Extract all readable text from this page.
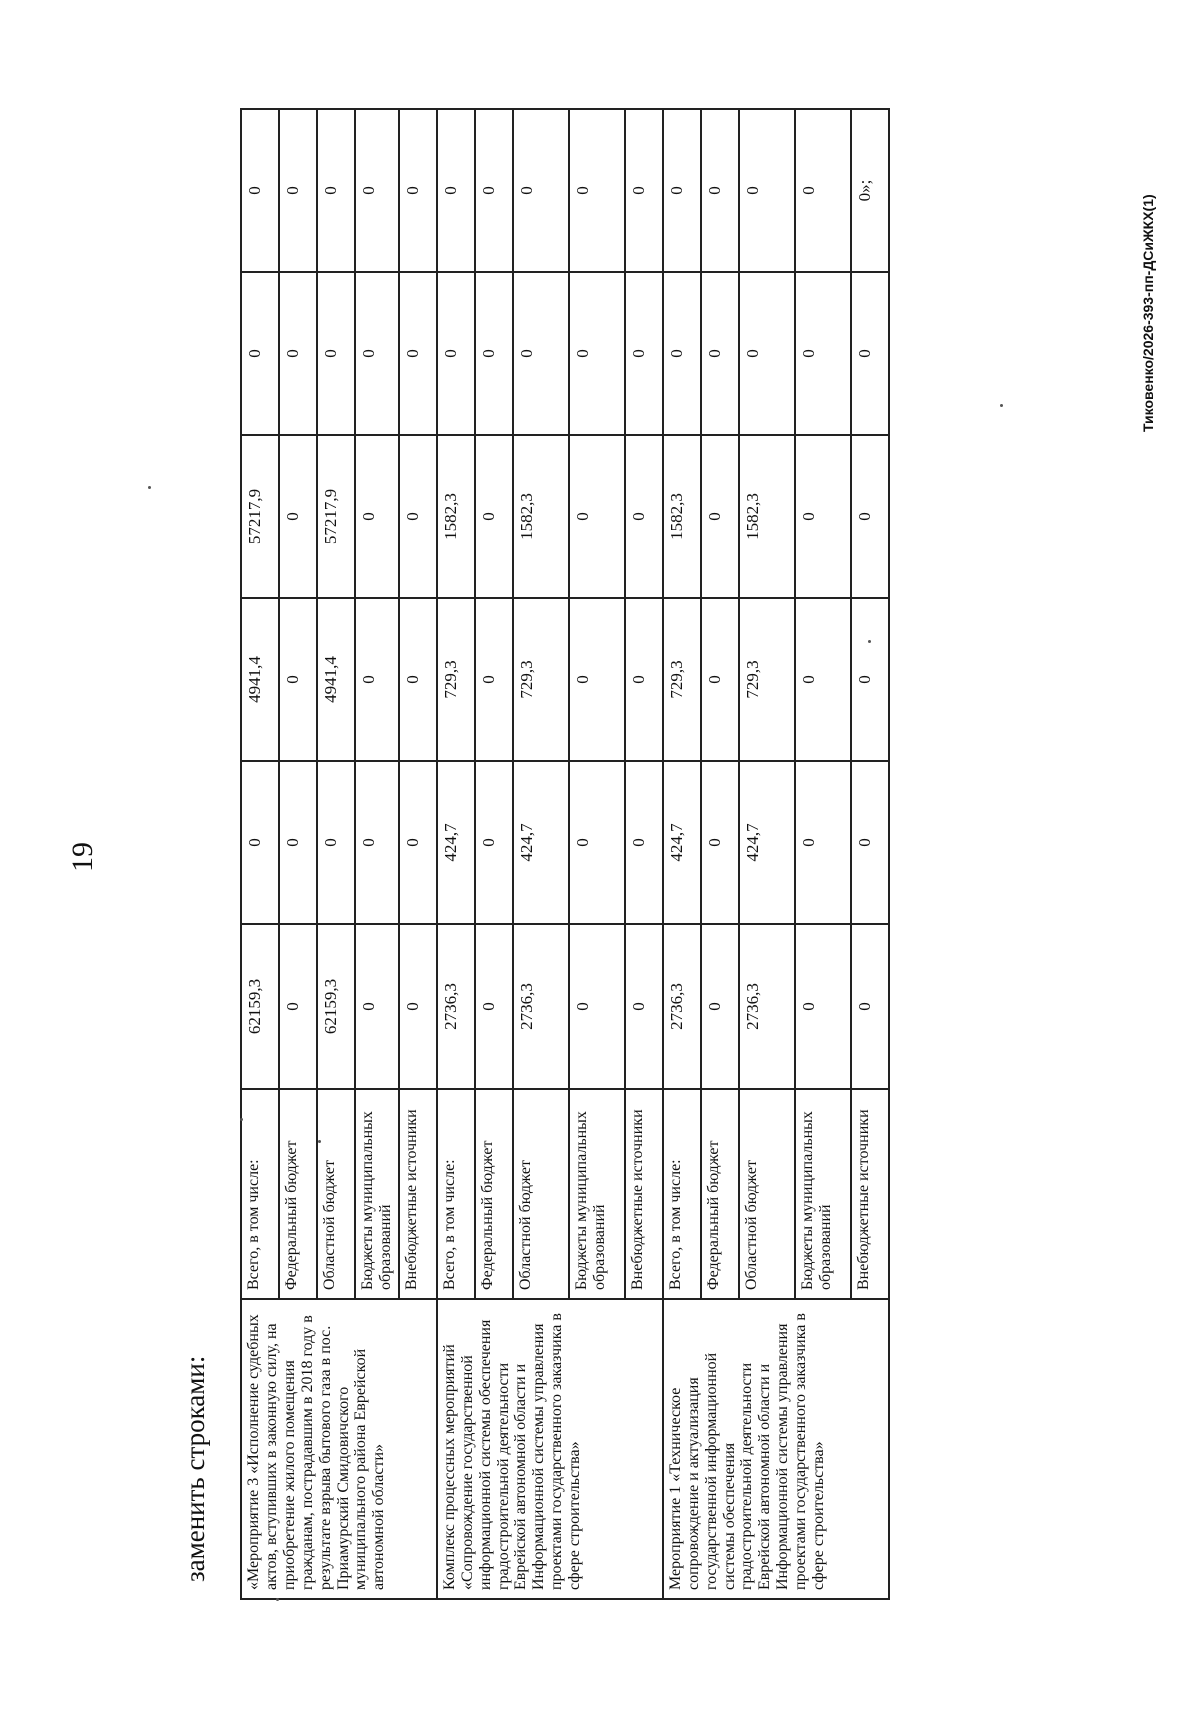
19
заменить строками: «Мероприятие 3 «Исполнение судебных актов, вступивших в законную силу, на приобретение жилого помещения гражданам, пострадавшим в 2018 году в результате взрыва бытового газа в пос. Приамурский Смидовичского муниципального района Еврейской автономной области»	Всего, в том числе:	62159,3	0	4941,4	57217,9	0	0
	Федеральный бюджет	0	0	0	0	0	0
	Областной бюджет	62159,3	0	4941,4	57217,9	0	0
	Бюджеты муниципальных образований	0	0	0	0	0	0
	Внебюджетные источники	0	0	0	0	0	0
Комплекс процессных мероприятий «Сопровождение государственной информационной системы обеспечения градостроительной деятельности Еврейской автономной области и Информационной системы управления проектами государственного заказчика в сфере строительства»	Всего, в том числе:	2736,3	424,7	729,3	1582,3	0	0
	Федеральный бюджет	0	0	0	0	0	0
	Областной бюджет	2736,3	424,7	729,3	1582,3	0	0
	Бюджеты муниципальных образований	0	0	0	0	0	0
	Внебюджетные источники	0	0	0	0	0	0
Мероприятие 1 «Техническое сопровождение и актуализация государственной информационной системы обеспечения градостроительной деятельности Еврейской автономной области и Информационной системы управления проектами государственного заказчика в сфере строительства»	Всего, в том числе:	2736,3	424,7	729,3	1582,3	0	0
	Федеральный бюджет	0	0	0	0	0	0
	Областной бюджет	2736,3	424,7	729,3	1582,3	0	0
	Бюджеты муниципальных образований	0	0	0	0	0	0
	Внебюджетные источники	0	0	0	0	0	0»;
Тиковенко/2026-393-пп-ДСиЖКХ(1)
